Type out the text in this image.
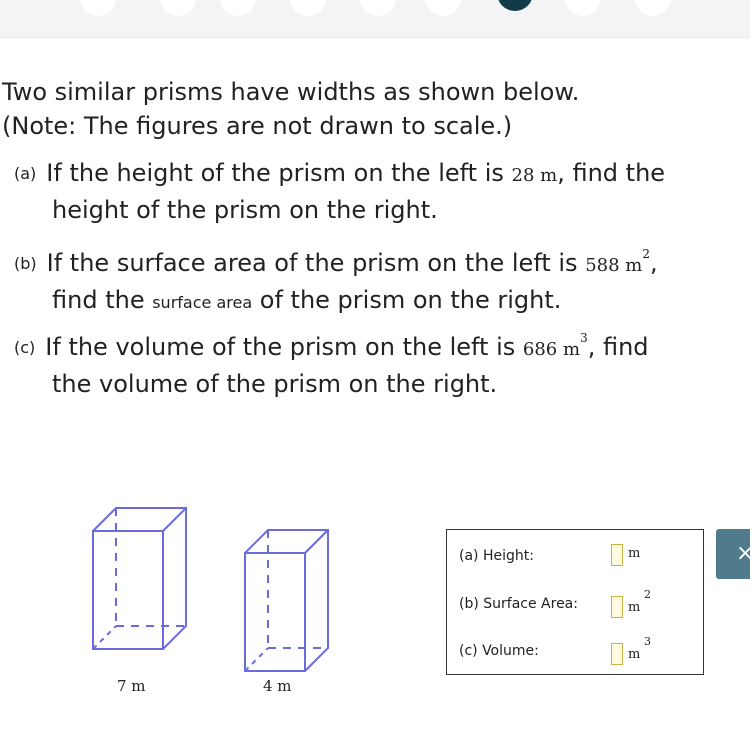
Two similar prisms have widths as shown below.
(Note: The figures are not drawn to scale.)
(a) If the height of the prism on the left is 28 m, find the
height of the prism on the right.
(b) If the surface area of the prism on the left is 588 $m^2$,
find the surface area of the prism on the right.
(c) If the volume of the prism on the left is 686 $m^3$, find
the volume of the prism on the right.
7 m	4 m
(a) Height:	m
(b) Surface Area:	m
2
(c) Volume:	m
3
×
